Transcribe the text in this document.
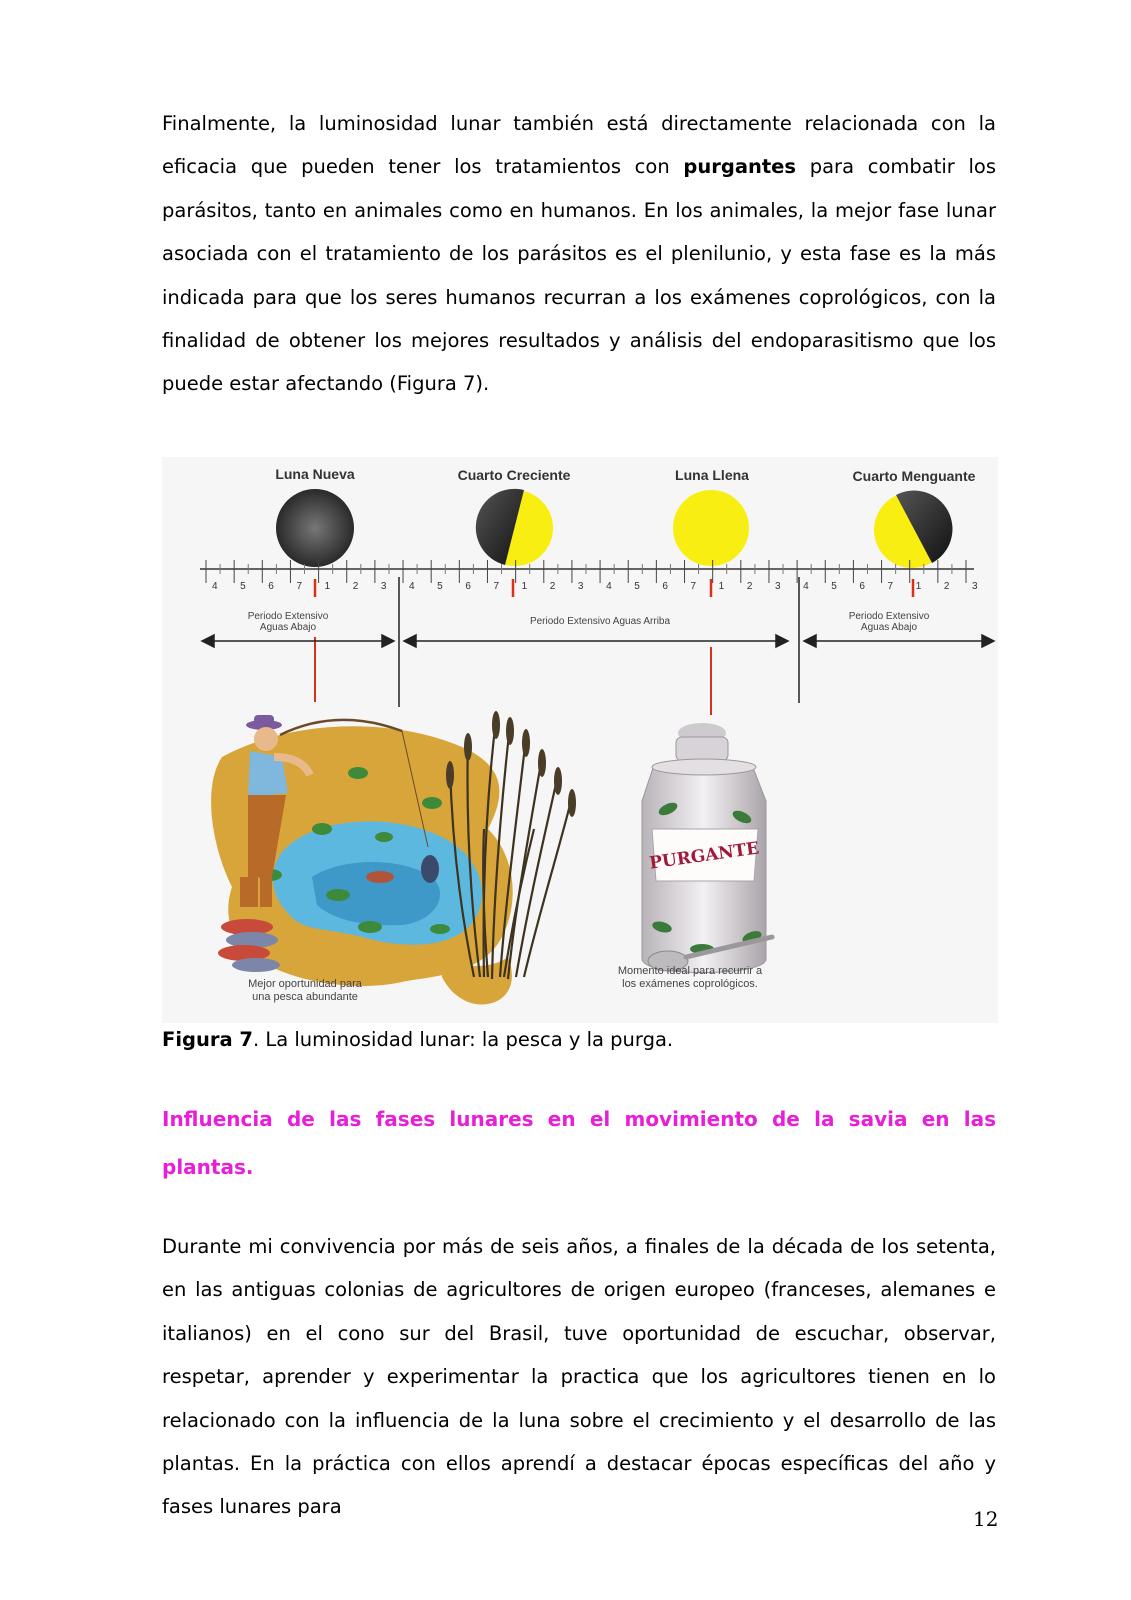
Finalmente, la luminosidad lunar también está directamente relacionada con la eficacia que pueden tener los tratamientos con purgantes para combatir los parásitos, tanto en animales como en humanos. En los animales, la mejor fase lunar asociada con el tratamiento de los parásitos es el plenilunio, y esta fase es la más indicada para que los seres humanos recurran a los exámenes coprológicos, con la finalidad de obtener los mejores resultados y análisis del endoparasitismo que los puede estar afectando (Figura 7).

Luna Nueva	Cuarto Creciente	Luna Llena	Cuarto Menguante
4 5 6 7 1 2 3 4 5 6 7 1 2 3 4 5 6 7 1 2 3 4 5 6 7 1 2 3
Periodo Extensivo
Aguas Abajo
Periodo Extensivo Aguas Arriba	Periodo Extensivo
Aguas Abajo
PURGANTE
Mejor oportunidad para
una pesca abundante
Momento ideal para recurrir a
los exámenes coprológicos.
Figura 7. La luminosidad lunar: la pesca y la purga.

Influencia de las fases lunares en el movimiento de la savia en las plantas.

Durante mi convivencia por más de seis años, a finales de la década de los setenta, en las antiguas colonias de agricultores de origen europeo (franceses, alemanes e italianos) en el cono sur del Brasil, tuve oportunidad de escuchar, observar, respetar, aprender y experimentar la practica que los agricultores tienen en lo relacionado con la influencia de la luna sobre el crecimiento y el desarrollo de las plantas. En la práctica con ellos aprendí a destacar épocas específicas del año y fases lunares para

12
